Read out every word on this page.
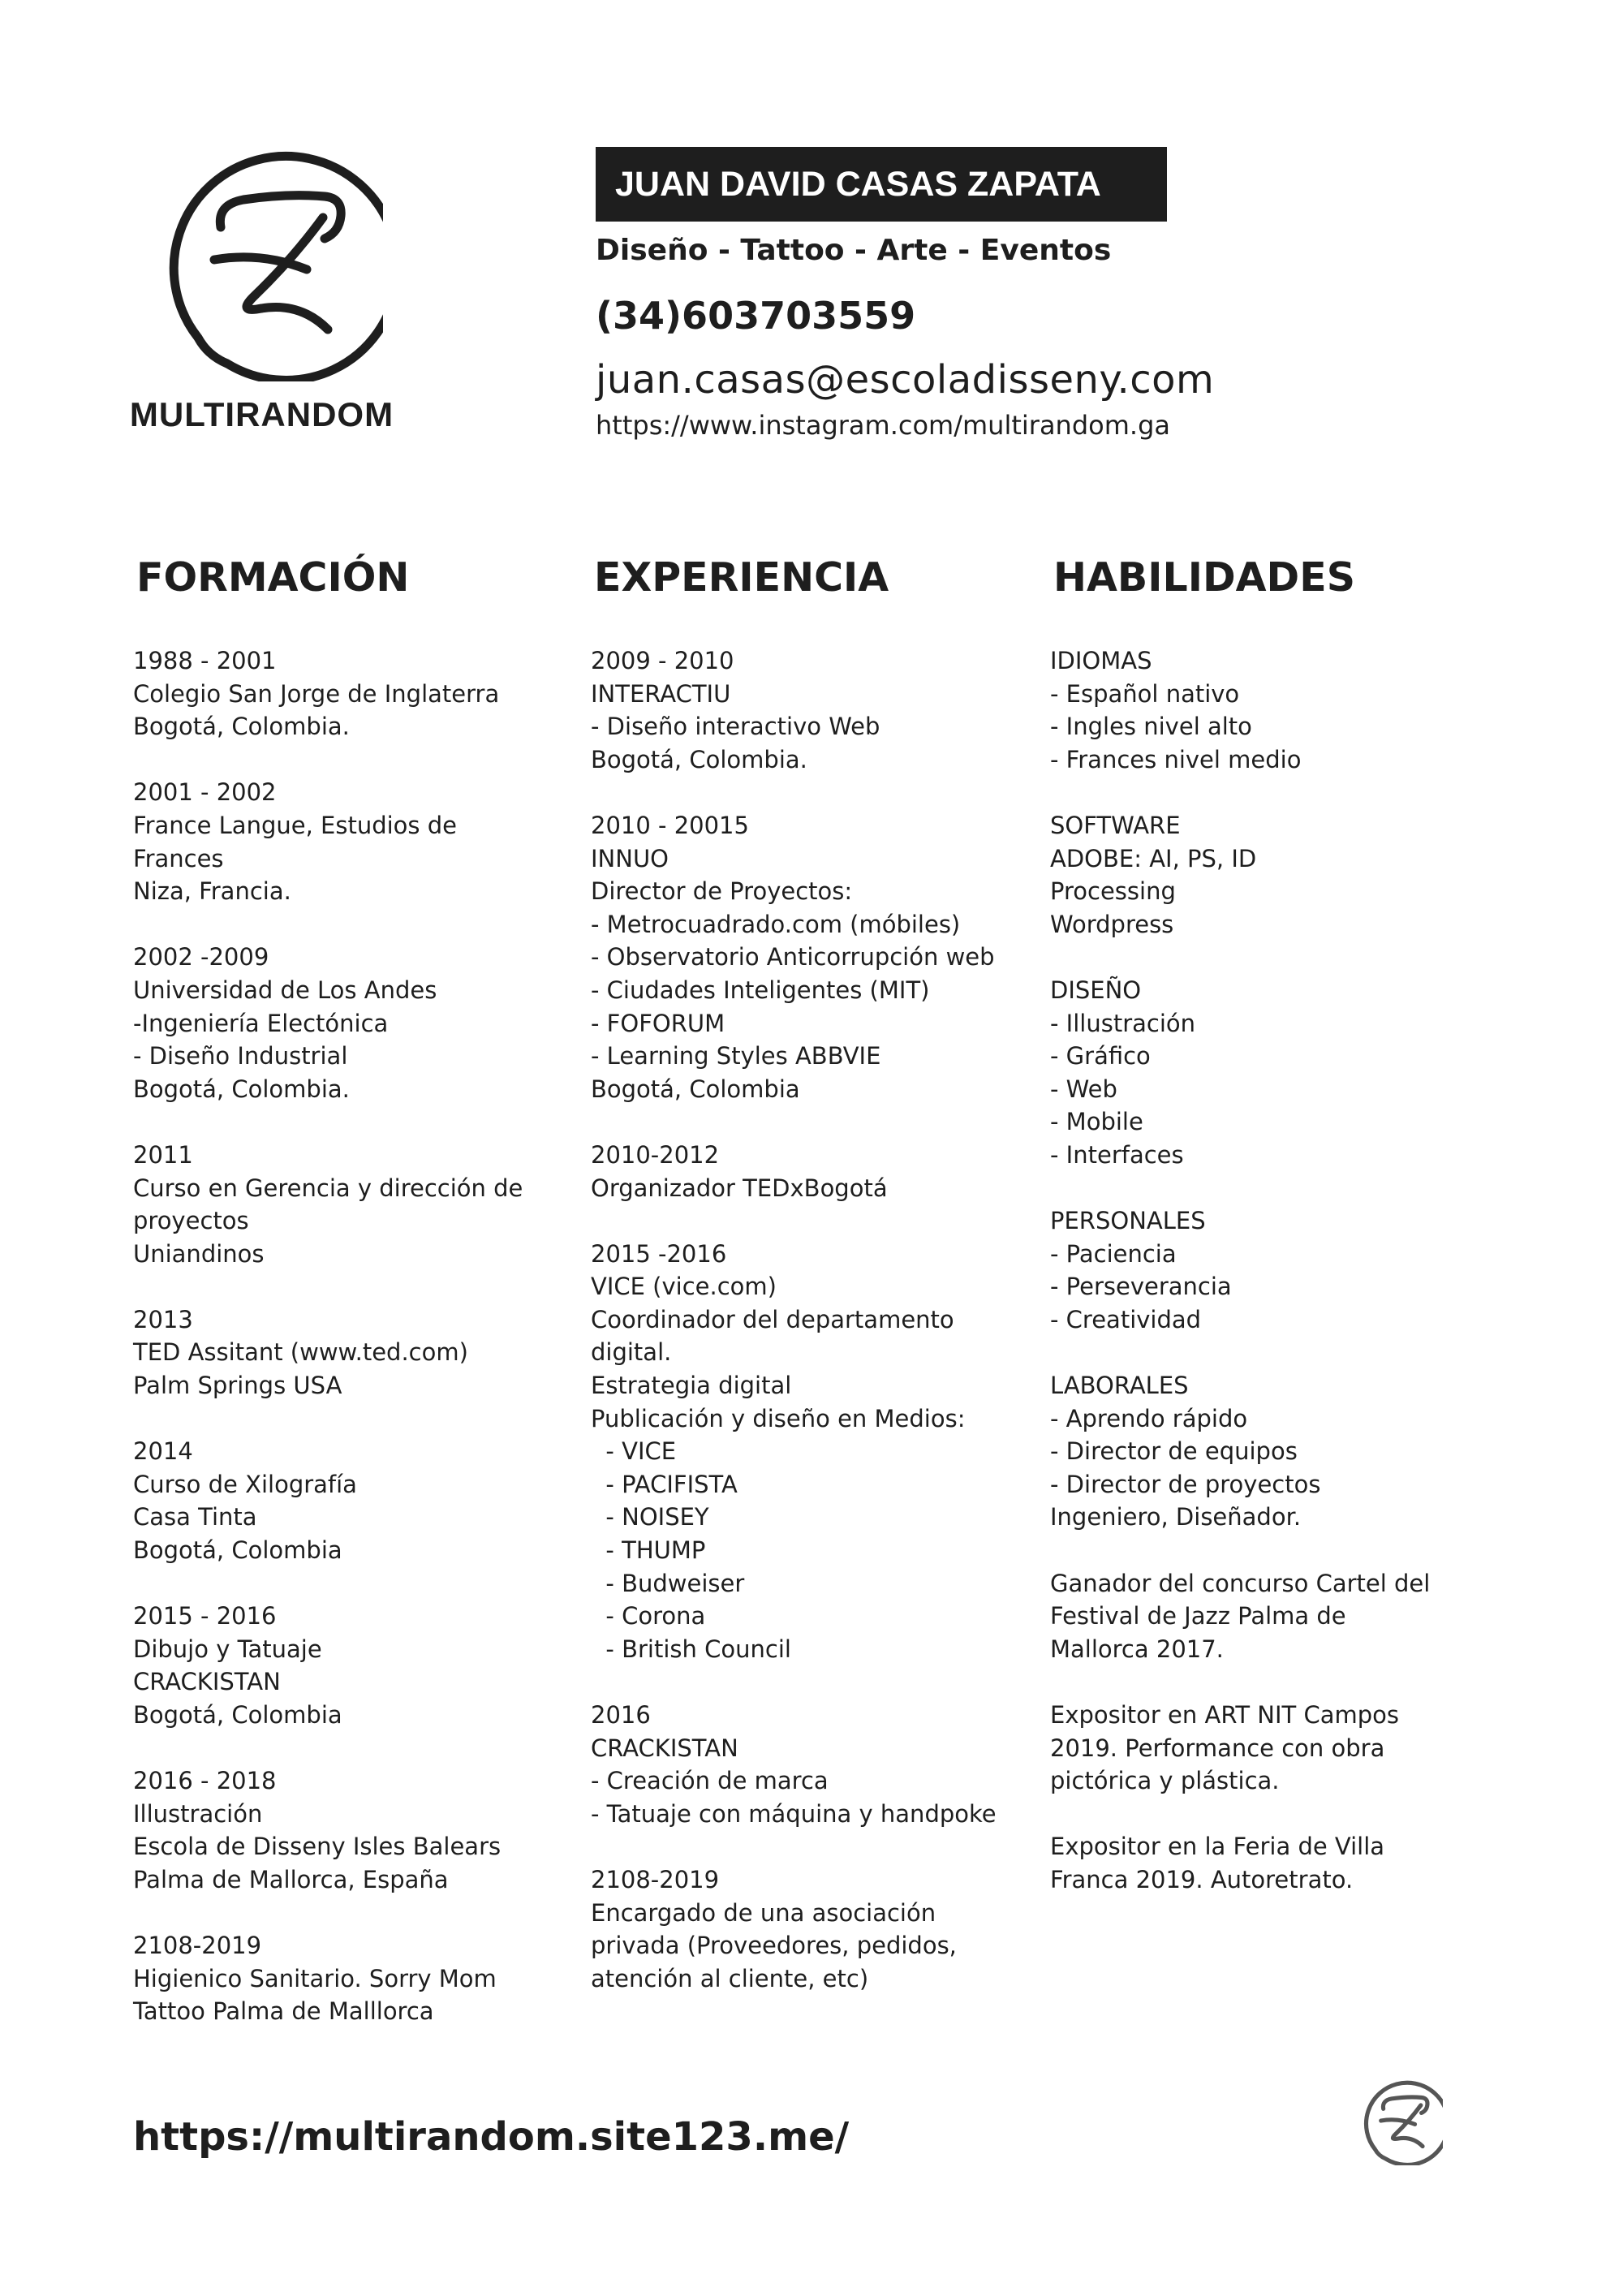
MULTIRANDOM
JUAN DAVID CASAS ZAPATA
Diseño - Tattoo - Arte - Eventos
(34)603703559
juan.casas@escoladisseny.com
https://www.instagram.com/multirandom.ga
FORMACIÓN
1988 - 2001
Colegio San Jorge de Inglaterra
Bogotá, Colombia.
2001 - 2002
France Langue, Estudios de
Frances
Niza, Francia.
2002 -2009
Universidad de Los Andes
-Ingeniería Electónica
- Diseño Industrial
Bogotá, Colombia.
2011
Curso en Gerencia y dirección de
proyectos
Uniandinos
2013
TED Assitant (www.ted.com)
Palm Springs USA
2014
Curso de Xilografía
Casa Tinta
Bogotá, Colombia
2015 - 2016
Dibujo y Tatuaje
CRACKISTAN
Bogotá, Colombia
2016 - 2018
Illustración
Escola de Disseny Isles Balears
Palma de Mallorca, España
2108-2019
Higienico Sanitario. Sorry Mom
Tattoo Palma de Malllorca
EXPERIENCIA
2009 - 2010
INTERACTIU
- Diseño interactivo Web
Bogotá, Colombia.
2010 - 20015
INNUO
Director de Proyectos:
- Metrocuadrado.com (móbiles)
- Observatorio Anticorrupción web
- Ciudades Inteligentes (MIT)
- FOFORUM
- Learning Styles ABBVIE
Bogotá, Colombia
2010-2012
Organizador TEDxBogotá
2015 -2016
VICE (vice.com)
Coordinador del departamento
digital.
Estrategia digital
Publicación y diseño en Medios:
- VICE
- PACIFISTA
- NOISEY
- THUMP
- Budweiser
- Corona
- British Council
2016
CRACKISTAN
- Creación de marca
- Tatuaje con máquina y handpoke
2108-2019
Encargado de una asociación
privada (Proveedores, pedidos,
atención al cliente, etc)
HABILIDADES
IDIOMAS
- Español nativo
- Ingles nivel alto
- Frances nivel medio
SOFTWARE
ADOBE: AI, PS, ID
Processing
Wordpress
DISEÑO
- Illustración
- Gráfico
- Web
- Mobile
- Interfaces
PERSONALES
- Paciencia
- Perseverancia
- Creatividad
LABORALES
- Aprendo rápido
- Director de equipos
- Director de proyectos
Ingeniero, Diseñador.
Ganador del concurso Cartel del
Festival de Jazz Palma de
Mallorca 2017.
Expositor en ART NIT Campos
2019. Performance con obra
pictórica y plástica.
Expositor en la Feria de Villa
Franca 2019. Autoretrato.
https://multirandom.site123.me/
